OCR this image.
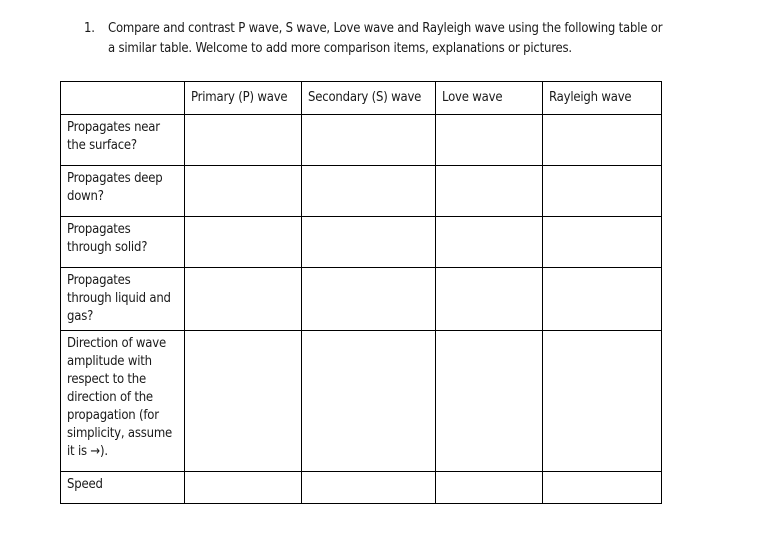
1.	Compare and contrast P wave, S wave, Love wave and Rayleigh wave using the following table or a similar table. Welcome to add more comparison items, explanations or pictures.
	Primary (P) wave	Secondary (S) wave	Love wave	Rayleigh wave
Propagates near the surface?				
Propagates deep down?				
Propagates through solid?				
Propagates through liquid and gas?				
Direction of wave amplitude with respect to the direction of the propagation (for simplicity, assume it is →).				
Speed				
